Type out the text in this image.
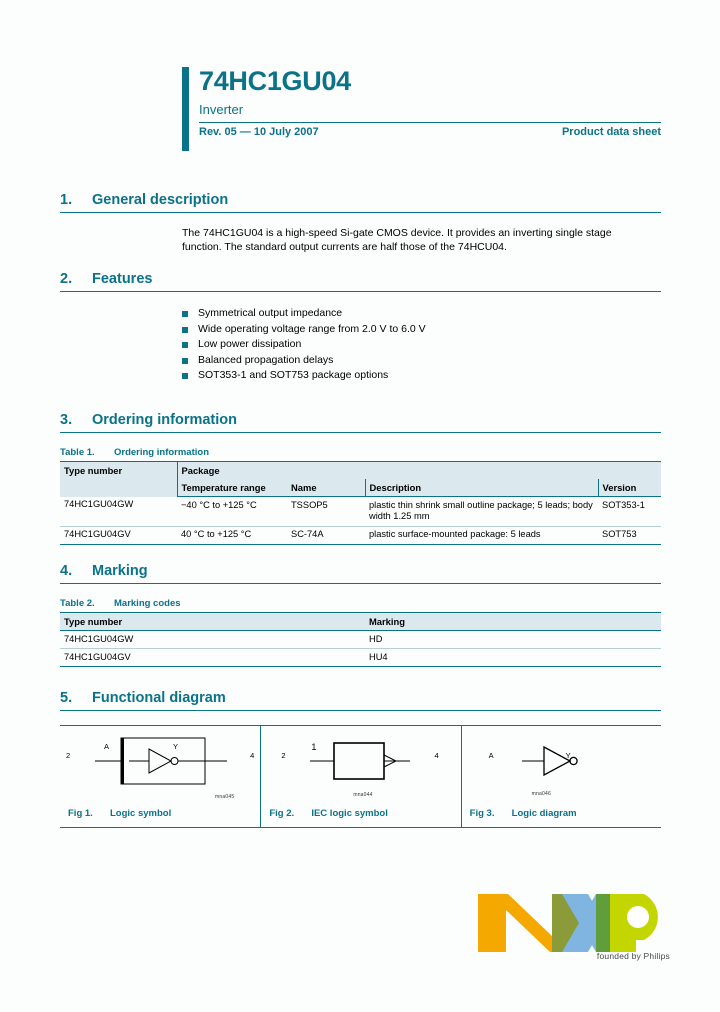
74HC1GU04
Inverter
Rev. 05 — 10 July 2007	Product data sheet
1.	General description
The 74HC1GU04 is a high-speed Si-gate CMOS device. It provides an inverting single stage function. The standard output currents are half those of the 74HCU04.
2.	Features
Symmetrical output impedance
Wide operating voltage range from 2.0 V to 6.0 V
Low power dissipation
Balanced propagation delays
SOT353-1 and SOT753 package options
3.	Ordering information
Table 1.	Ordering information
Type number	Package			
	Temperature range	Name	Description	Version
74HC1GU04GW	−40 °C to +125 °C	TSSOP5	plastic thin shrink small outline package; 5 leads; body width 1.25 mm	SOT353-1
74HC1GU04GV	40 °C to +125 °C	SC-74A	plastic surface-mounted package: 5 leads	SOT753
4.	Marking
Table 2.	Marking codes
Type number	Marking
74HC1GU04GW	HD
74HC1GU04GV	HU4
5.	Functional diagram
2	4
A	Y
mna045
Fig 1.	Logic symbol
1
2	4
mna044
Fig 2.	IEC logic symbol
A	Y
mna046
Fig 3.	Logic diagram
founded by Philips
